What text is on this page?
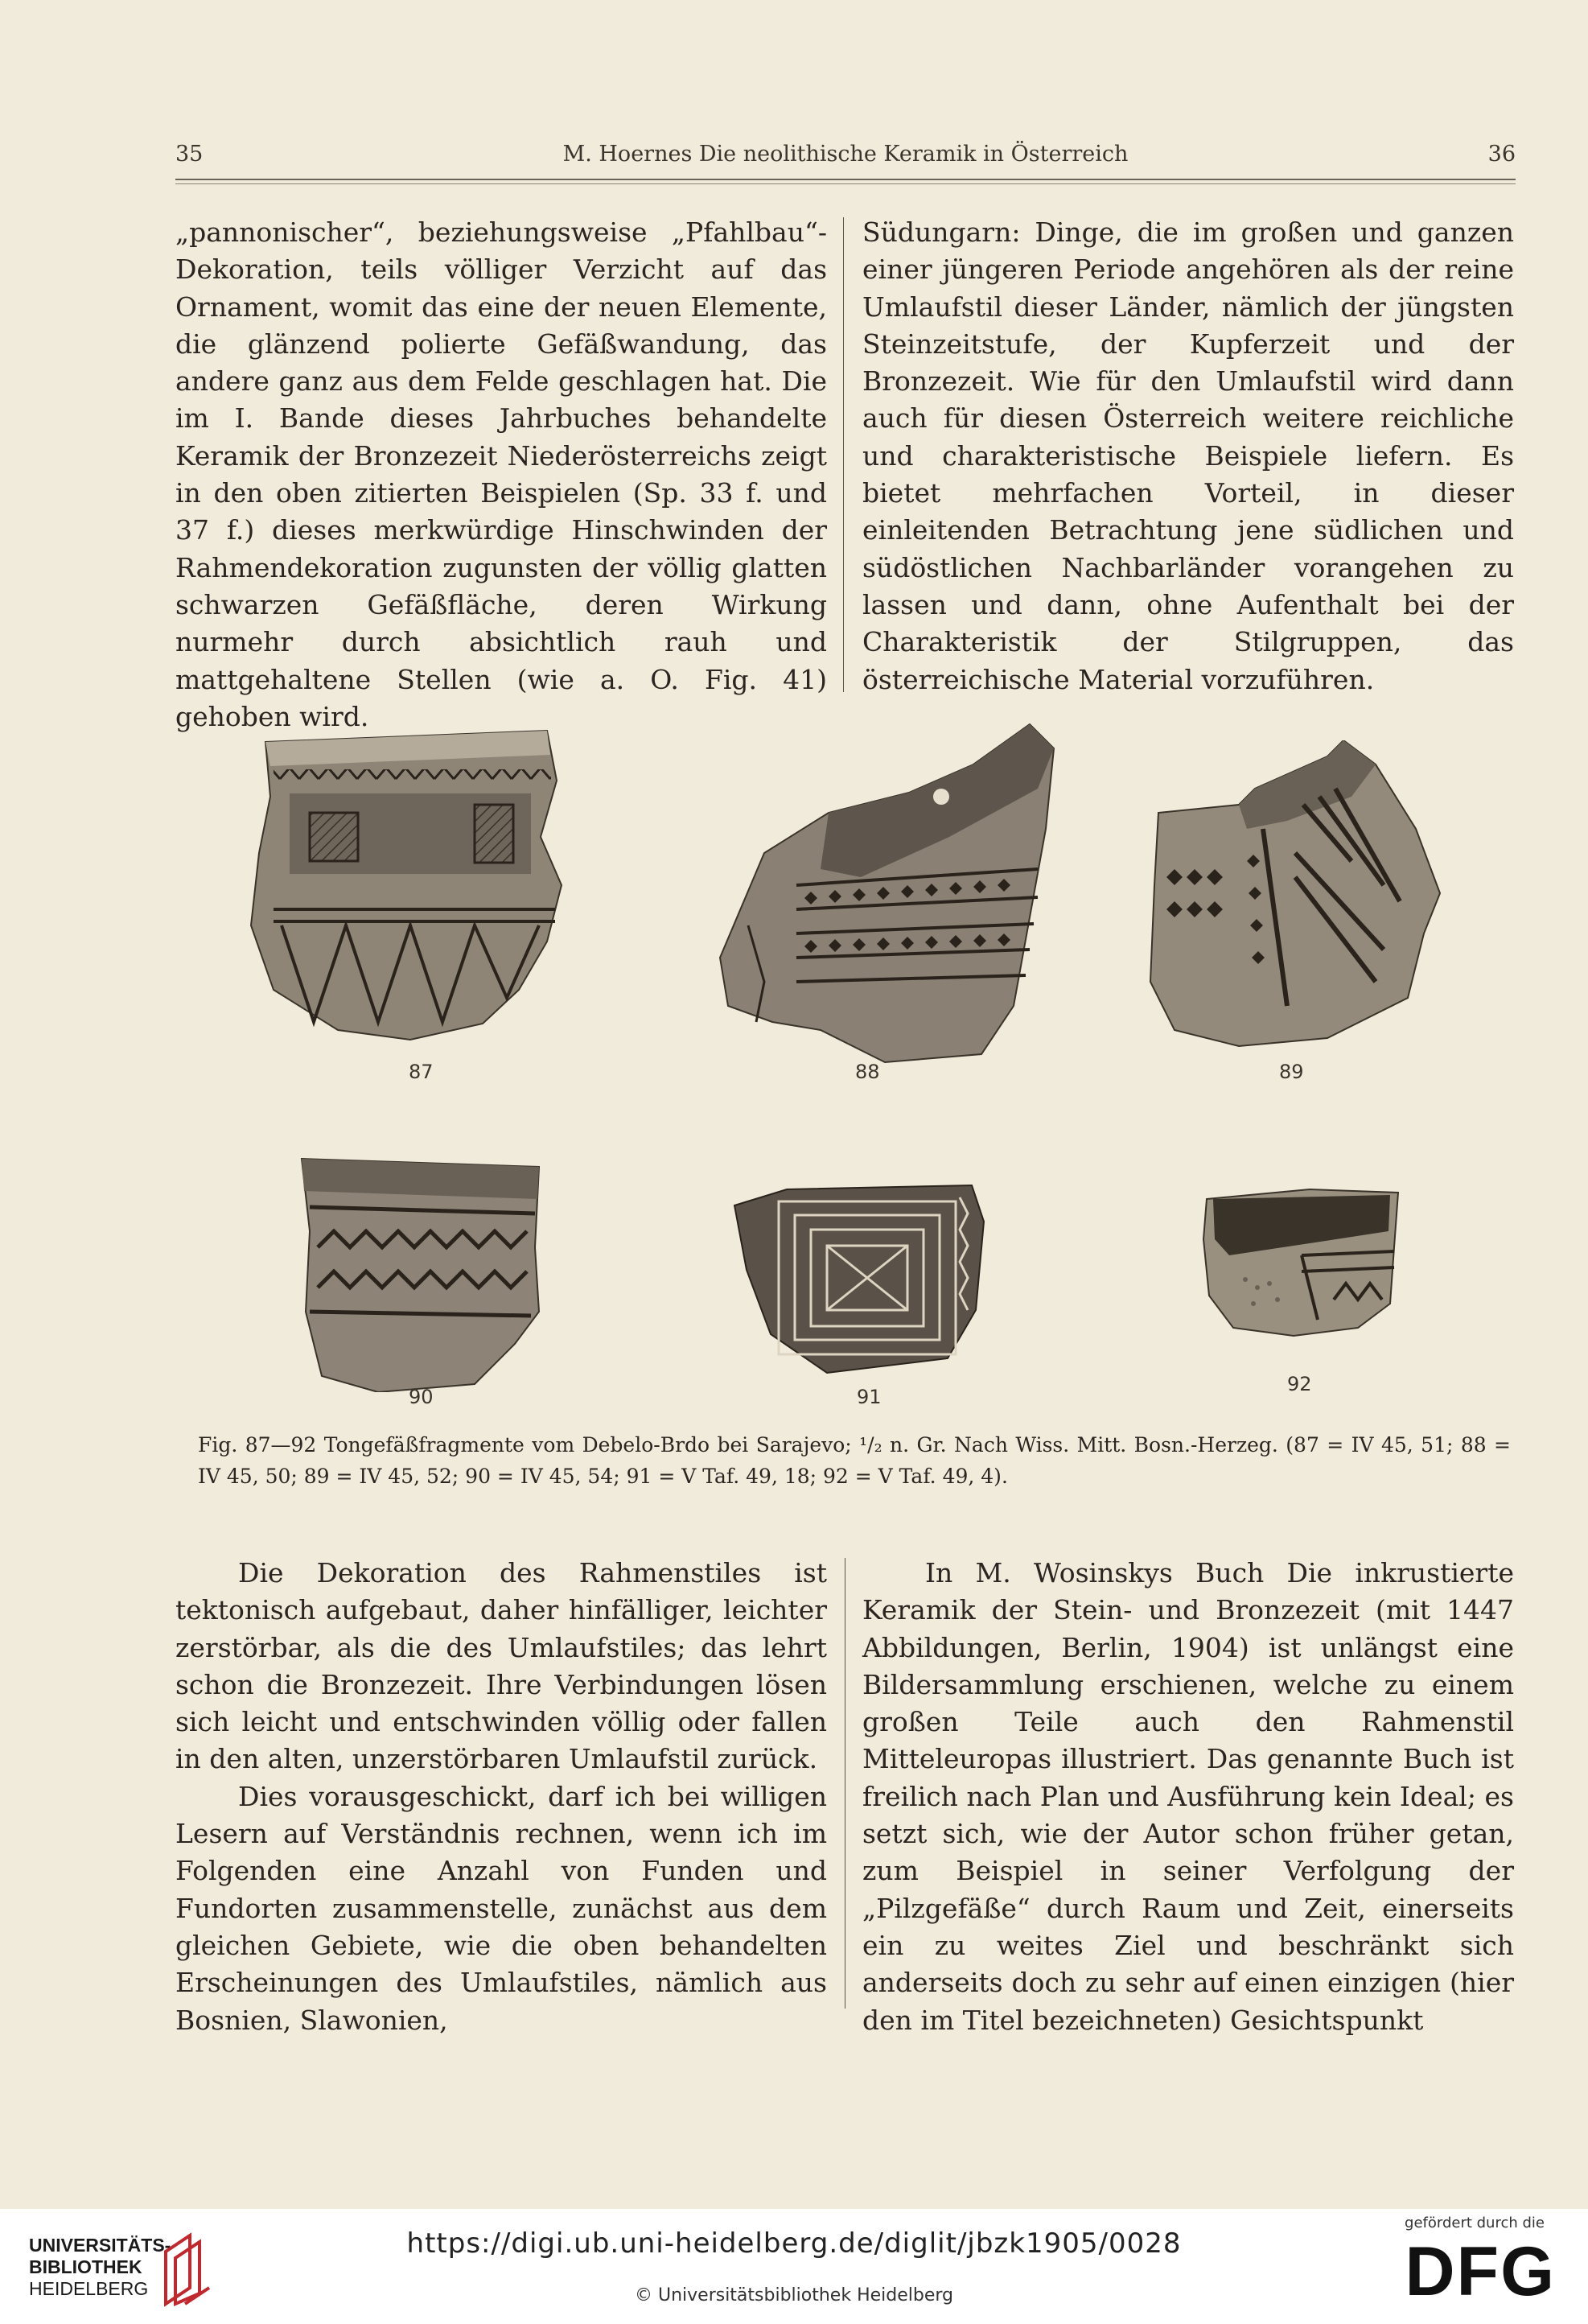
35	M. Hoernes Die neolithische Keramik in Österreich	36

„pannonischer“, beziehungsweise „Pfahlbau“-Dekoration, teils völliger Verzicht auf das Ornament, womit das eine der neuen Elemente, die glänzend polierte Gefäßwandung, das andere ganz aus dem Felde geschlagen hat. Die im I. Bande dieses Jahrbuches behandelte Keramik der Bronzezeit Niederösterreichs zeigt in den oben zitierten Beispielen (Sp. 33 f. und 37 f.) dieses merkwürdige Hinschwinden der Rahmendekoration zugunsten der völlig glatten schwarzen Gefäßfläche, deren Wirkung nurmehr durch absichtlich rauh und mattgehaltene Stellen (wie a. O. Fig. 41) gehoben wird.

Südungarn: Dinge, die im großen und ganzen einer jüngeren Periode angehören als der reine Umlaufstil dieser Länder, nämlich der jüngsten Steinzeitstufe, der Kupferzeit und der Bronzezeit. Wie für den Umlaufstil wird dann auch für diesen Österreich weitere reichliche und charakteristische Beispiele liefern. Es bietet mehrfachen Vorteil, in dieser einleitenden Betrachtung jene südlichen und südöstlichen Nachbarländer vorangehen zu lassen und dann, ohne Aufenthalt bei der Charakteristik der Stilgruppen, das österreichische Material vorzuführen.

87	88	89
90	91
92
Fig. 87—92 Tongefäßfragmente vom Debelo-Brdo bei Sarajevo; ¹/₂ n. Gr. Nach Wiss. Mitt. Bosn.-Herzeg. (87 = IV 45, 51; 88 = IV 45, 50; 89 = IV 45, 52; 90 = IV 45, 54; 91 = V Taf. 49, 18; 92 = V Taf. 49, 4).

Die Dekoration des Rahmenstiles ist tektonisch aufgebaut, daher hinfälliger, leichter zerstörbar, als die des Umlaufstiles; das lehrt schon die Bronzezeit. Ihre Verbindungen lösen sich leicht und entschwinden völlig oder fallen in den alten, unzerstörbaren Umlaufstil zurück.

Dies vorausgeschickt, darf ich bei willigen Lesern auf Verständnis rechnen, wenn ich im Folgenden eine Anzahl von Funden und Fundorten zusammenstelle, zunächst aus dem gleichen Gebiete, wie die oben behandelten Erscheinungen des Umlaufstiles, nämlich aus Bosnien, Slawonien,

In M. Wosinskys Buch Die inkrustierte Keramik der Stein- und Bronzezeit (mit 1447 Abbildungen, Berlin, 1904) ist unlängst eine Bildersammlung erschienen, welche zu einem großen Teile auch den Rahmenstil Mitteleuropas illustriert. Das genannte Buch ist freilich nach Plan und Ausführung kein Ideal; es setzt sich, wie der Autor schon früher getan, zum Beispiel in seiner Verfolgung der „Pilzgefäße“ durch Raum und Zeit, einerseits ein zu weites Ziel und beschränkt sich anderseits doch zu sehr auf einen einzigen (hier den im Titel bezeichneten) Gesichtspunkt

UNIVERSITÄTS-
BIBLIOTHEK
HEIDELBERG
https://digi.ub.uni-heidelberg.de/diglit/jbzk1905/0028
© Universitätsbibliothek Heidelberg
gefördert durch die
DFG
